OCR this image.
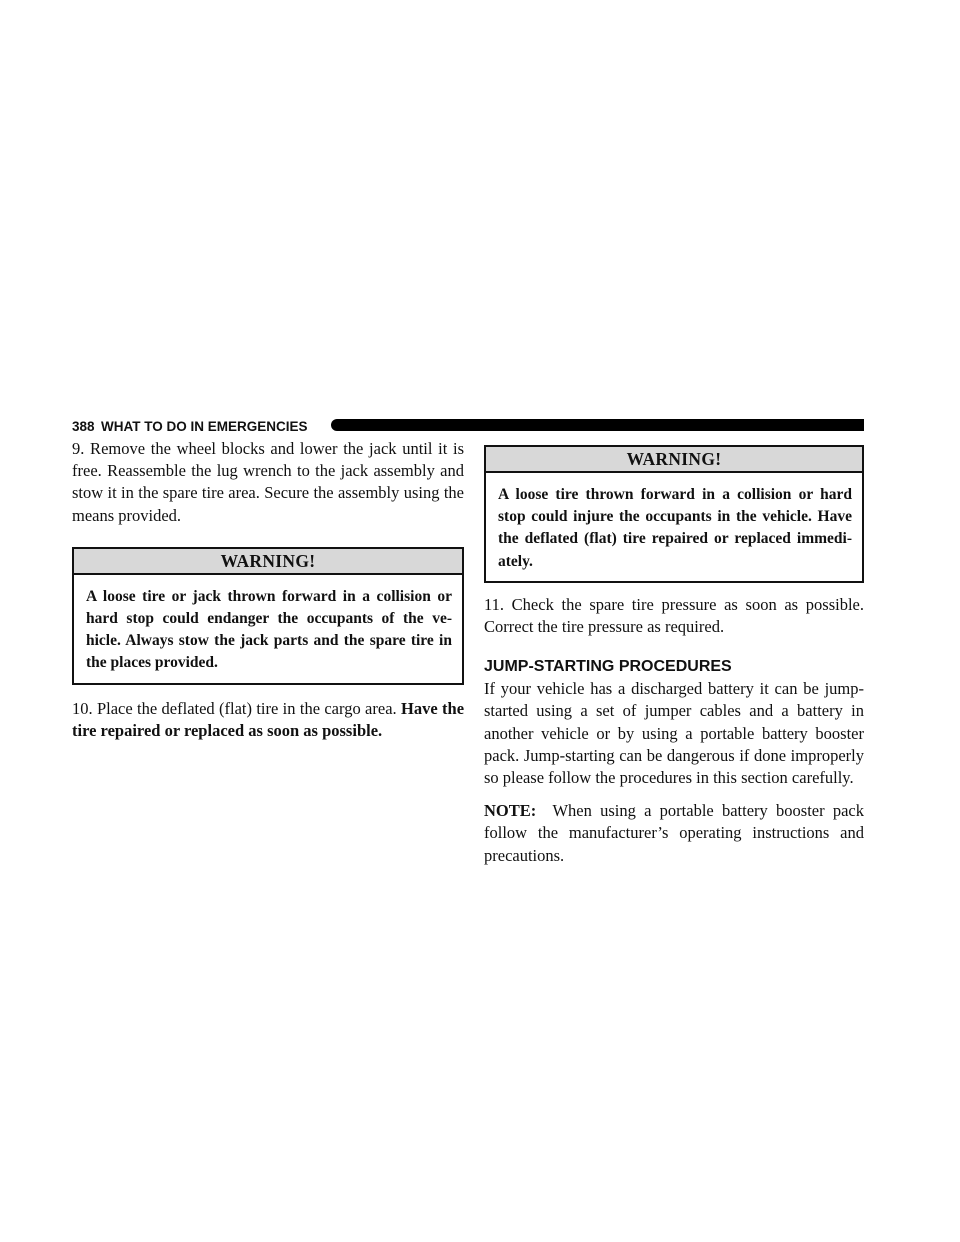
388 WHAT TO DO IN EMERGENCIES

9. Remove the wheel blocks and lower the jack until it is free. Reassemble the lug wrench to the jack assembly and stow it in the spare tire area. Secure the assembly using the means provided.

WARNING!

A loose tire or jack thrown forward in a collision or hard stop could endanger the occupants of the ve- hicle. Always stow the jack parts and the spare tire in the places provided.

10. Place the deflated (flat) tire in the cargo area. Have the tire repaired or replaced as soon as possible.

WARNING!

A loose tire thrown forward in a collision or hard stop could injure the occupants in the vehicle. Have the deflated (flat) tire repaired or replaced immedi- ately.

11. Check the spare tire pressure as soon as possible. Correct the tire pressure as required.

JUMP-STARTING PROCEDURES

If your vehicle has a discharged battery it can be jump- started using a set of jumper cables and a battery in another vehicle or by using a portable battery booster pack. Jump-starting can be dangerous if done improperly so please follow the procedures in this section carefully.

NOTE: When using a portable battery booster pack follow the manufacturer’s operating instructions and precautions.
